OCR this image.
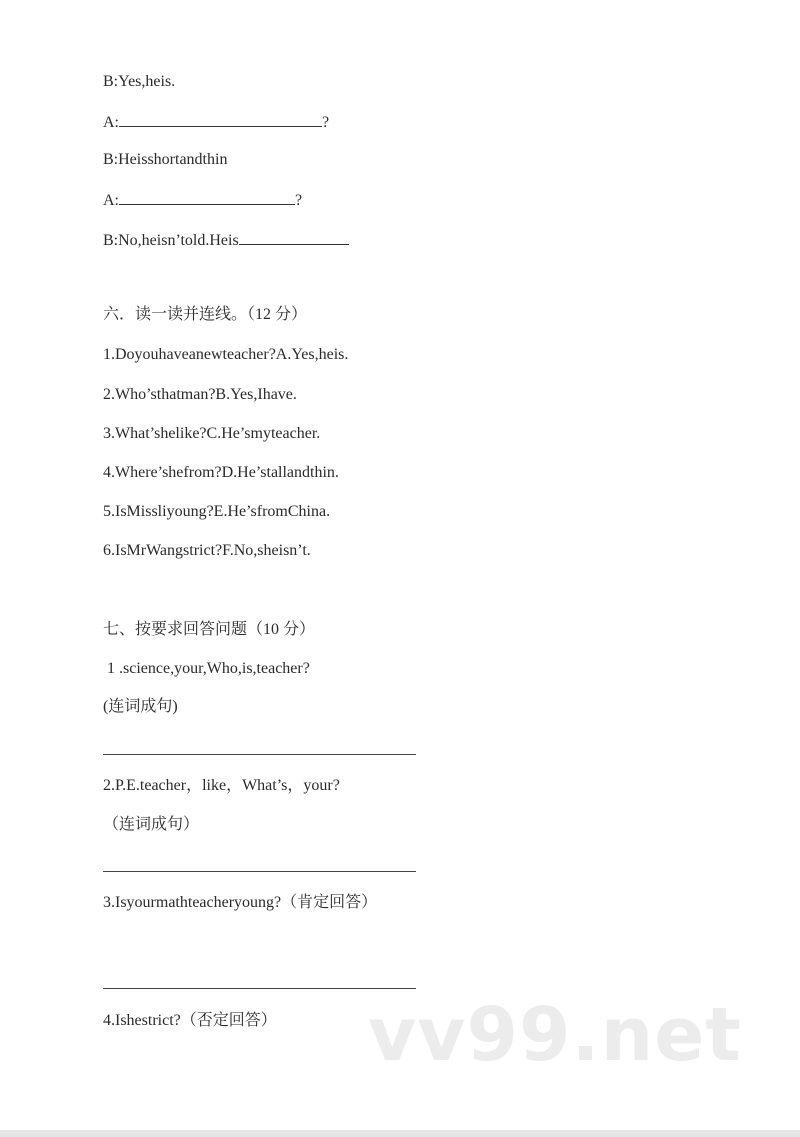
B:Yes,heis.
A:	?
B:Heisshortandthin
A:	?
B:No,heisn’told.Heis
六．读一读并连线。（12 分）
1.Doyouhaveanewteacher?A.Yes,heis.
2.Who’sthatman?B.Yes,Ihave.
3.What’shelike?C.He’smyteacher.
4.Where’shefrom?D.He’stallandthin.
5.IsMissliyoung?E.He’sfromChina.
6.IsMrWangstrict?F.No,sheisn’t.
七、按要求回答问题（10 分）
1 .science,your,Who,is,teacher?
(连词成句)
2.P.E.teacher，like，What’s，your?
（连词成句）
3.Isyourmathteacheryoung?（肯定回答）
4.Ishestrict?（否定回答） vv99.net
